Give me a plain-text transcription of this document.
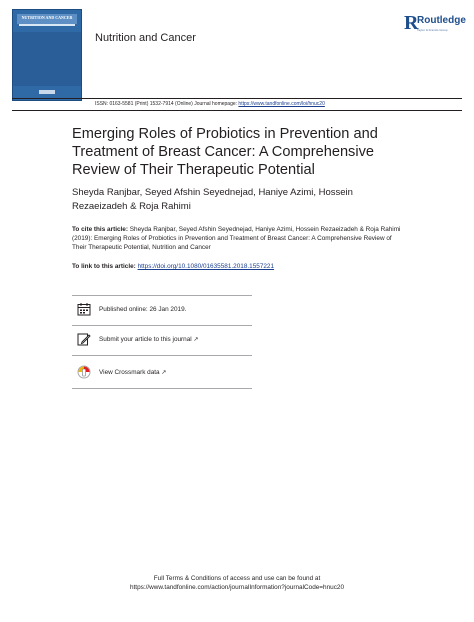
NUTRITION AND CANCER
Nutrition and Cancer
R
Routledge
Taylor & Francis Group
ISSN: 0163-5581 (Print) 1532-7914 (Online) Journal homepage: https://www.tandfonline.com/loi/hnuc20
Emerging Roles of Probiotics in Prevention and Treatment of Breast Cancer: A Comprehensive Review of Their Therapeutic Potential
Sheyda Ranjbar, Seyed Afshin Seyednejad, Haniye Azimi, Hossein Rezaeizadeh & Roja Rahimi
To cite this article: Sheyda Ranjbar, Seyed Afshin Seyednejad, Haniye Azimi, Hossein Rezaeizadeh & Roja Rahimi (2019): Emerging Roles of Probiotics in Prevention and Treatment of Breast Cancer: A Comprehensive Review of Their Therapeutic Potential, Nutrition and Cancer
To link to this article: https://doi.org/10.1080/01635581.2018.1557221
Published online: 26 Jan 2019.
Submit your article to this journal ↗
View Crossmark data ↗
Full Terms & Conditions of access and use can be found at
https://www.tandfonline.com/action/journalInformation?journalCode=hnuc20
